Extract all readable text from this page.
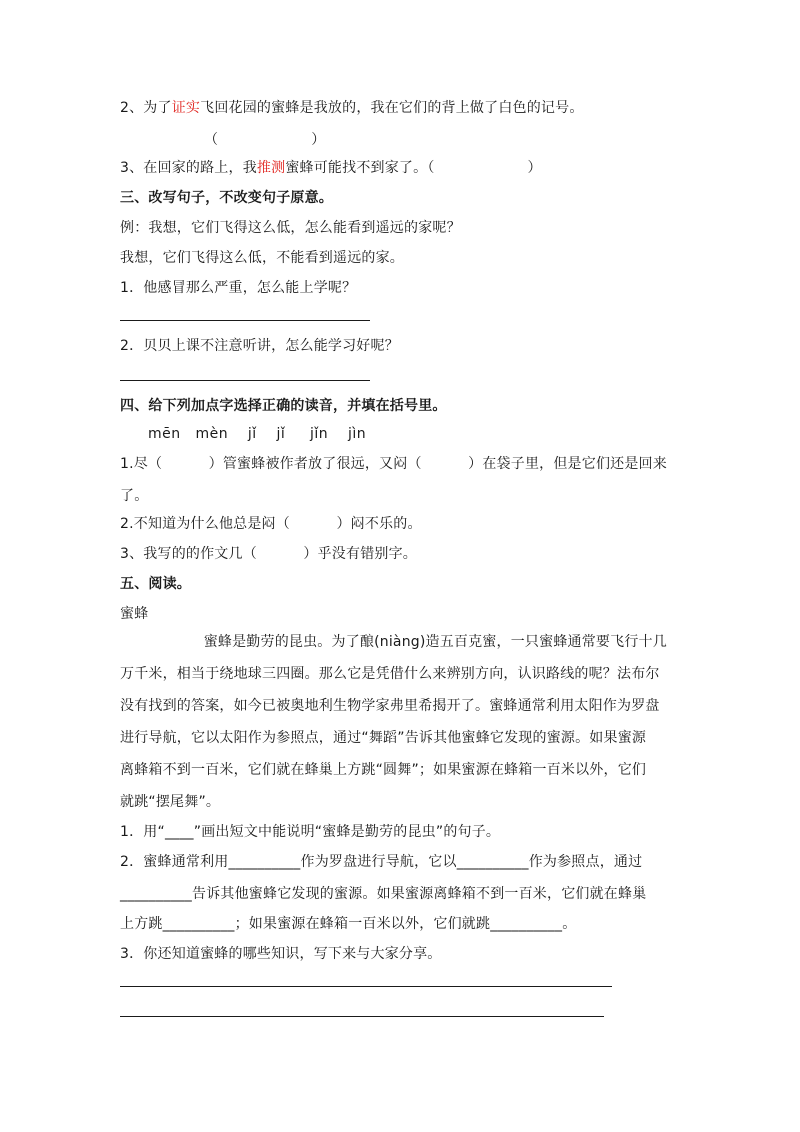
2、为了证实飞回花园的蜜蜂是我放的，我在它们的背上做了白色的记号。
（                    ）
3、在回家的路上，我推测蜜蜂可能找不到家了。（                    ）
三、改写句子，不改变句子原意。
例：我想，它们飞得这么低，怎么能看到遥远的家呢？
我想，它们飞得这么低，不能看到遥远的家。
1．他感冒那么严重，怎么能上学呢？
2．贝贝上课不注意听讲，怎么能学习好呢？
四、给下列加点字选择正确的读音，并填在括号里。
mēn   mèn    jǐ    jǐ     jǐn    jìn
1.尽（          ）管蜜蜂被作者放了很远，又闷（          ）在袋子里，但是它们还是回来
了。
2.不知道为什么他总是闷（          ）闷不乐的。
3、我写的的作文几（          ）乎没有错别字。
五、阅读。
蜜蜂
蜜蜂是勤劳的昆虫。为了酿(niàng)造五百克蜜，一只蜜蜂通常要飞行十几
万千米，相当于绕地球三四圈。那么它是凭借什么来辨别方向，认识路线的呢？法布尔
没有找到的答案，如今已被奥地利生物学家弗里希揭开了。蜜蜂通常利用太阳作为罗盘
进行导航，它以太阳作为参照点，通过“舞蹈”告诉其他蜜蜂它发现的蜜源。如果蜜源
离蜂箱不到一百米，它们就在蜂巢上方跳“圆舞”；如果蜜源在蜂箱一百米以外，它们
就跳“摆尾舞”。
1．用“____”画出短文中能说明“蜜蜂是勤劳的昆虫”的句子。
2．蜜蜂通常利用__________作为罗盘进行导航，它以__________作为参照点，通过
__________告诉其他蜜蜂它发现的蜜源。如果蜜源离蜂箱不到一百米，它们就在蜂巢
上方跳__________；如果蜜源在蜂箱一百米以外，它们就跳__________。
3．你还知道蜜蜂的哪些知识，写下来与大家分享。
